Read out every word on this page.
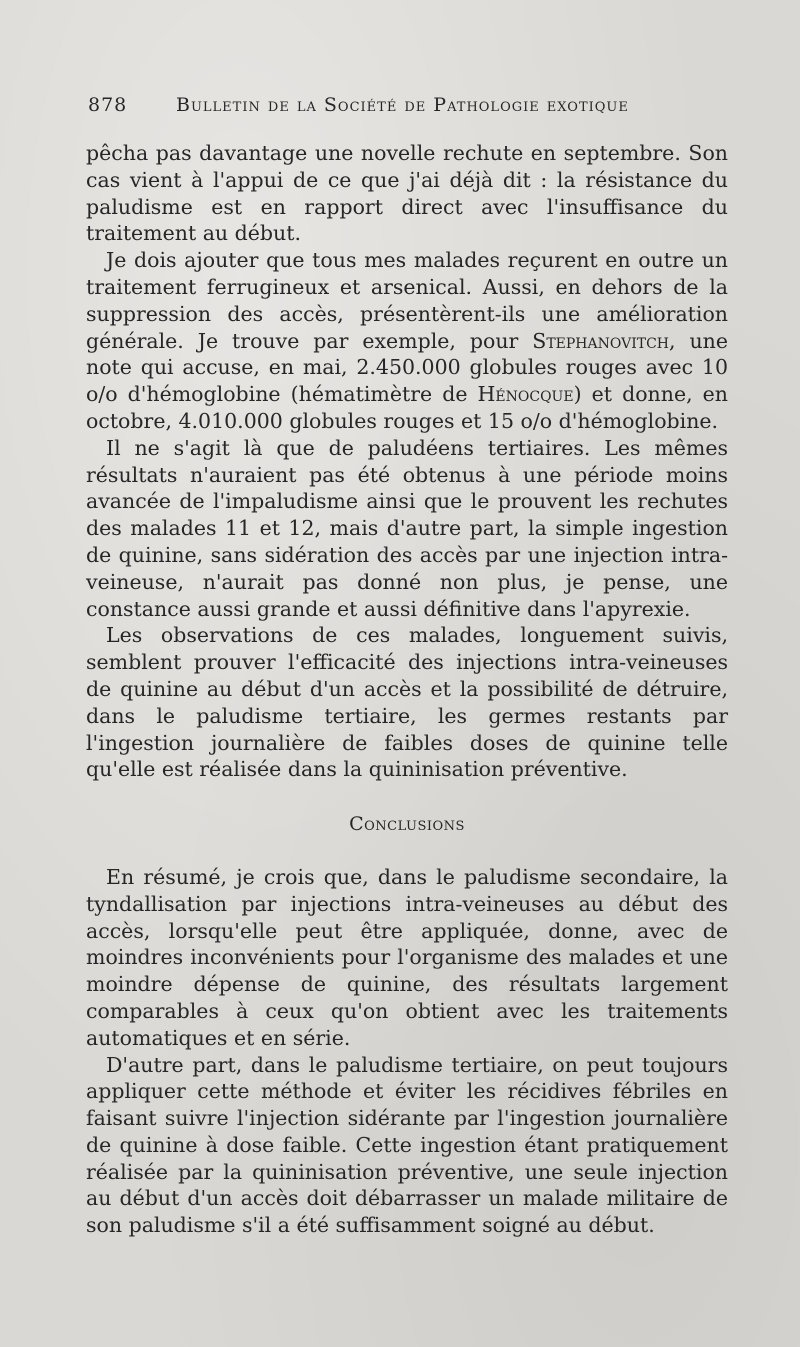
878	Bulletin de la Société de Pathologie exotique

pêcha pas davantage une novelle rechute en septembre. Son cas vient à l'appui de ce que j'ai déjà dit : la résistance du paludisme est en rapport direct avec l'insuffisance du traitement au début.

Je dois ajouter que tous mes malades reçurent en outre un traitement ferrugineux et arsenical. Aussi, en dehors de la suppression des accès, présentèrent-ils une amélioration générale. Je trouve par exemple, pour Stephanovitch, une note qui accuse, en mai, 2.450.000 globules rouges avec 10 o/o d'hémoglobine (hématimètre de Hénocque) et donne, en octobre, 4.010.000 globules rouges et 15 o/o d'hémoglobine.

Il ne s'agit là que de paludéens tertiaires. Les mêmes résultats n'auraient pas été obtenus à une période moins avancée de l'impaludisme ainsi que le prouvent les rechutes des malades 11 et 12, mais d'autre part, la simple ingestion de quinine, sans sidération des accès par une injection intra-veineuse, n'aurait pas donné non plus, je pense, une constance aussi grande et aussi définitive dans l'apyrexie.

Les observations de ces malades, longuement suivis, semblent prouver l'efficacité des injections intra-veineuses de quinine au début d'un accès et la possibilité de détruire, dans le paludisme tertiaire, les germes restants par l'ingestion journalière de faibles doses de quinine telle qu'elle est réalisée dans la quininisation préventive.

Conclusions

En résumé, je crois que, dans le paludisme secondaire, la tyndallisation par injections intra-veineuses au début des accès, lorsqu'elle peut être appliquée, donne, avec de moindres inconvénients pour l'organisme des malades et une moindre dépense de quinine, des résultats largement comparables à ceux qu'on obtient avec les traitements automatiques et en série.

D'autre part, dans le paludisme tertiaire, on peut toujours appliquer cette méthode et éviter les récidives fébriles en faisant suivre l'injection sidérante par l'ingestion journalière de quinine à dose faible. Cette ingestion étant pratiquement réalisée par la quininisation préventive, une seule injection au début d'un accès doit débarrasser un malade militaire de son paludisme s'il a été suffisamment soigné au début.
